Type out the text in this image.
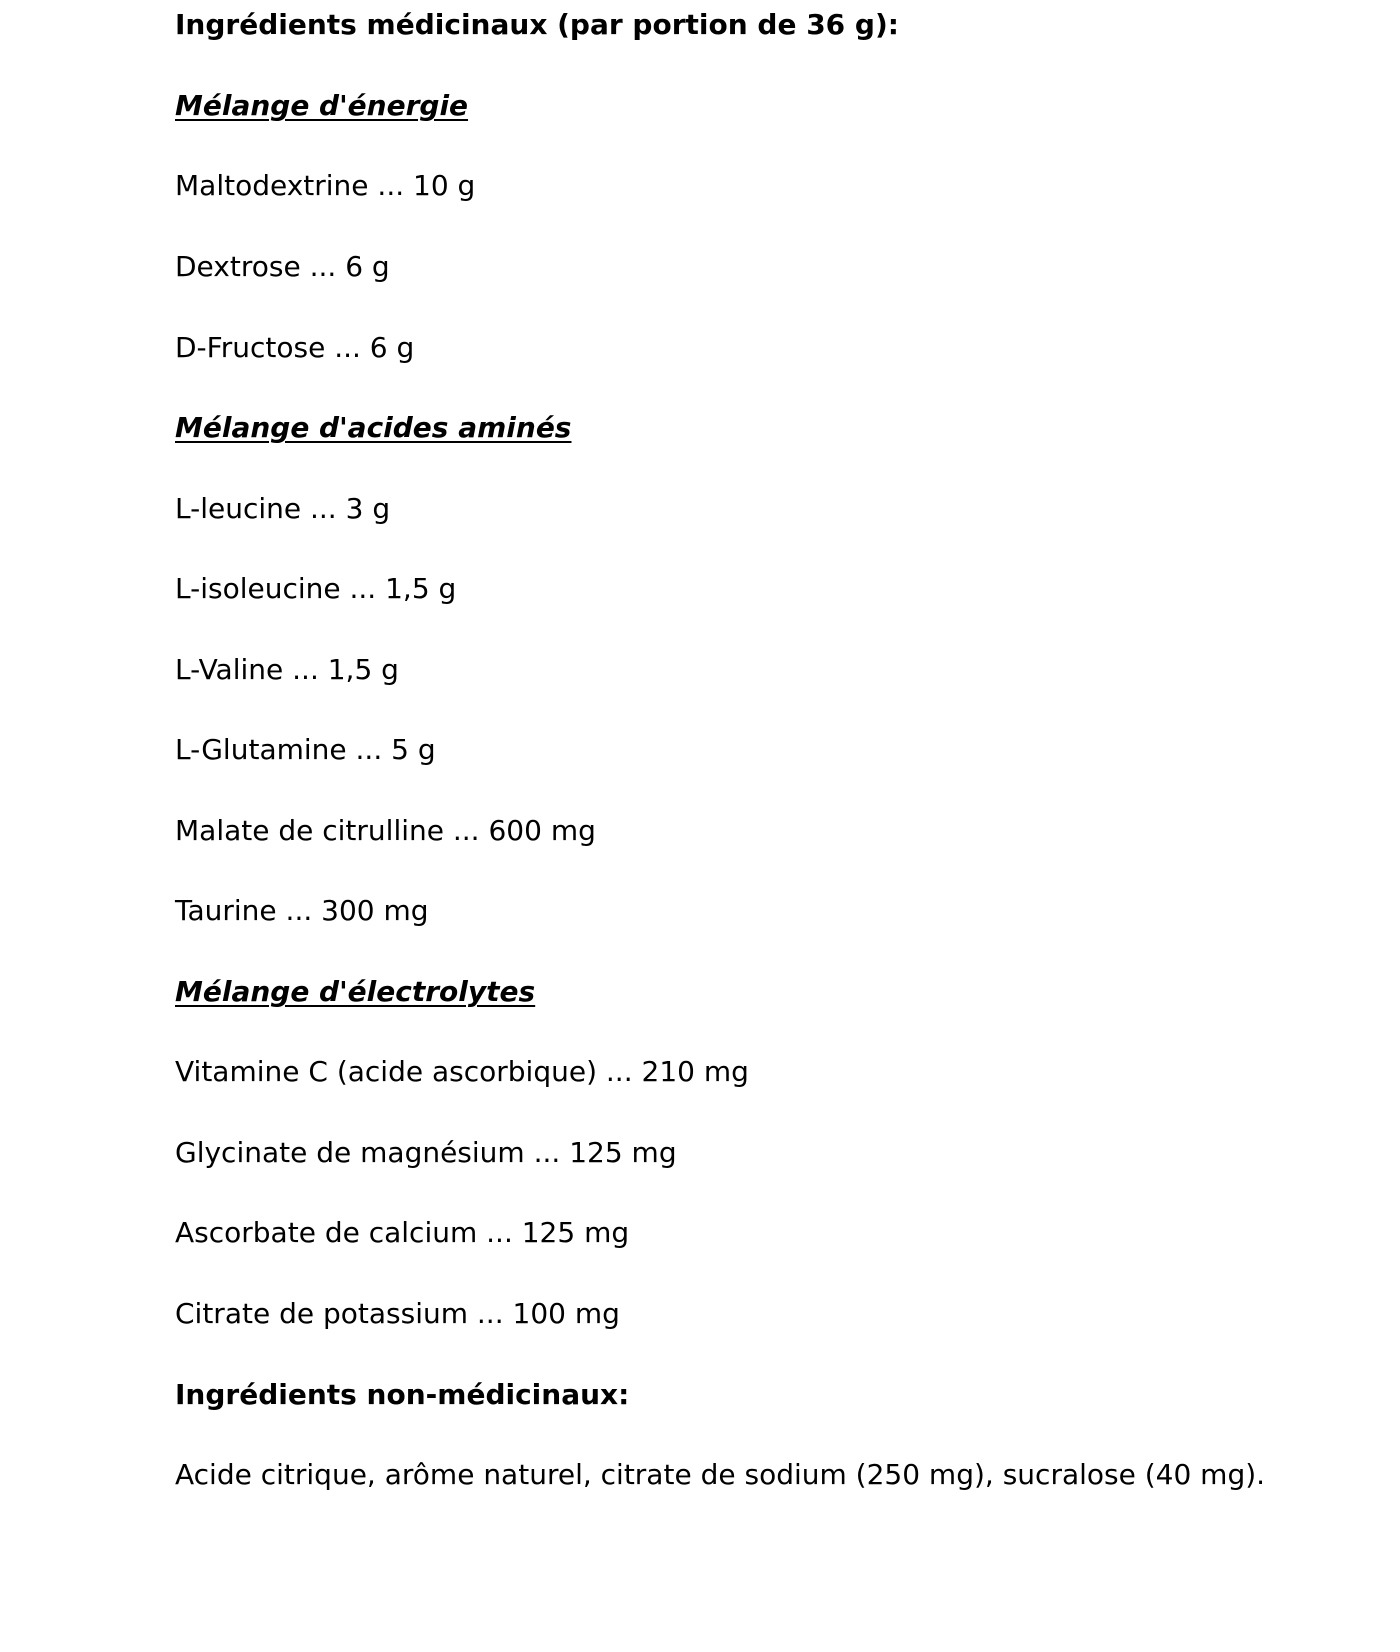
Ingrédients médicinaux (par portion de 36 g):
Mélange d'énergie
Maltodextrine ... 10 g
Dextrose ... 6 g
D-Fructose ... 6 g
Mélange d'acides aminés
L-leucine ... 3 g
L-isoleucine ... 1,5 g
L-Valine ... 1,5 g
L-Glutamine ... 5 g
Malate de citrulline ... 600 mg
Taurine ... 300 mg
Mélange d'électrolytes
Vitamine C (acide ascorbique) ... 210 mg
Glycinate de magnésium ... 125 mg
Ascorbate de calcium ... 125 mg
Citrate de potassium ... 100 mg
Ingrédients non-médicinaux:
Acide citrique, arôme naturel, citrate de sodium (250 mg), sucralose (40 mg).
